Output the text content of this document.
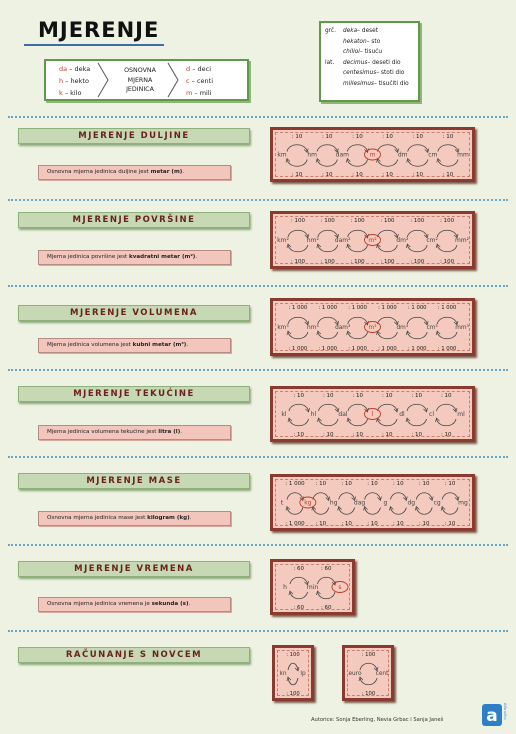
MJERENJE
da – deka
h – hekto
k – kilo
OSNOVNA
MJERNA
JEDINICA
d – deci
c – centi
m – mili
grč.	deka – deset
hekaton – sto
chilioi – tisuću
lat.	decimus – deseti dio
centesimus – stoti dio
millesimus – tisućiti dio
MJERENJE DULJINE
Osnovna mjerna jedinica duljine jest metar (m).
: 10
: 10
: 10
: 10
: 10
: 10
: 10
: 10
: 10
: 10
: 10
: 10
km	hm	dam	m	dm	cm	mm
MJERENJE POVRŠINE
Mjerna jedinica površine jest kvadratni metar (m²).
: 100
: 100
: 100
: 100
: 100
: 100
: 100
: 100
: 100
: 100
: 100
: 100
km²	hm²	dam²	m²	dm²	cm²	mm²
MJERENJE VOLUMENA
Mjerna jedinica volumena jest kubni metar (m³).
: 1 000
: 1 000
: 1 000
: 1 000
: 1 000
: 1 000
: 1 000
: 1 000
: 1 000
: 1 000
: 1 000
: 1 000
km³	hm³	dam³	m³	dm³	cm³	mm³
MJERENJE TEKUĆINE
Mjerna jedinica volumena tekućine jest litra (l).
: 10
: 10
: 10
: 10
: 10
: 10
: 10
: 10
: 10
: 10
: 10
: 10
kl	hl	dal	l	dl	cl	ml
MJERENJE MASE
Osnovna mjerna jedinica mase jest kilogram (kg).
: 1 000
: 1 000
: 10
: 10
: 10
: 10
: 10
: 10
: 10
: 10
: 10
: 10
: 10
: 10
t	kg	hg	dag	g	dg	cg	mg
MJERENJE VREMENA
Osnovna mjerna jedinica vremena je sekunda (s).
: 60
: 60
: 60
: 60
h	min	s
RAČUNANJE S NOVCEM	: 100
: 100
kn lp
: 100
: 100
euro cent
Autorice: Sonja Eberling, Nevia Grbac i Sanja Janeš	a Alfa učilo
